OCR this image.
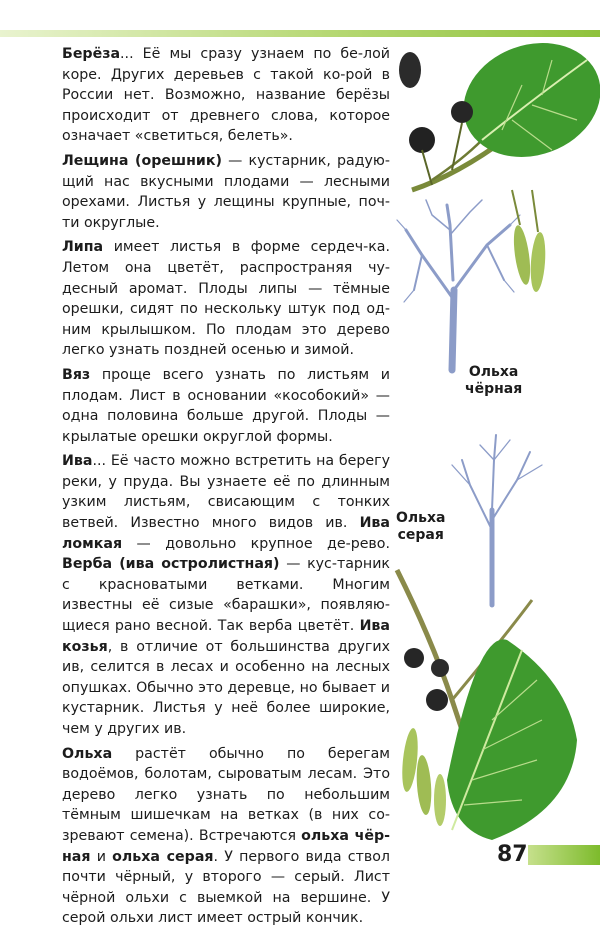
Берёза... Её мы сразу узнаем по бе-лой коре. Других деревьев с такой ко-рой в России нет. Возможно, название берёзы происходит от древнего слова, которое означает «светиться, белеть».

Лещина (орешник) — кустарник, радую-щий нас вкусными плодами — лесными орехами. Листья у лещины крупные, поч-ти округлые.

Липа имеет листья в форме сердеч-ка. Летом она цветёт, распространяя чу-десный аромат. Плоды липы — тёмные орешки, сидят по нескольку штук под од-ним крылышком. По плодам это дерево легко узнать поздней осенью и зимой.

Вяз проще всего узнать по листьям и плодам. Лист в основании «кособокий» — одна половина больше другой. Плоды — крылатые орешки округлой формы.

Ива... Её часто можно встретить на берегу реки, у пруда. Вы узнаете её по длинным узким листьям, свисающим с тонких ветвей. Известно много видов ив. Ива ломкая — довольно крупное де-рево. Верба (ива остролистная) — кус-тарник с красноватыми ветками. Многим известны её сизые «барашки», появляю-щиеся рано весной. Так верба цветёт. Ива козья, в отличие от большинства других ив, селится в лесах и особенно на лесных опушках. Обычно это деревце, но бывает и кустарник. Листья у неё более широкие, чем у других ив.

Ольха растёт обычно по берегам водоёмов, болотам, сыроватым лесам. Это дерево легко узнать по небольшим тёмным шишечкам на ветках (в них со-зревают семена). Встречаются ольха чёр-ная и ольха серая. У первого вида ствол почти чёрный, у второго — серый. Лист чёрной ольхи с выемкой на вершине. У серой ольхи лист имеет острый кончик.

Ольха
чёрная
Ольха
серая
87
